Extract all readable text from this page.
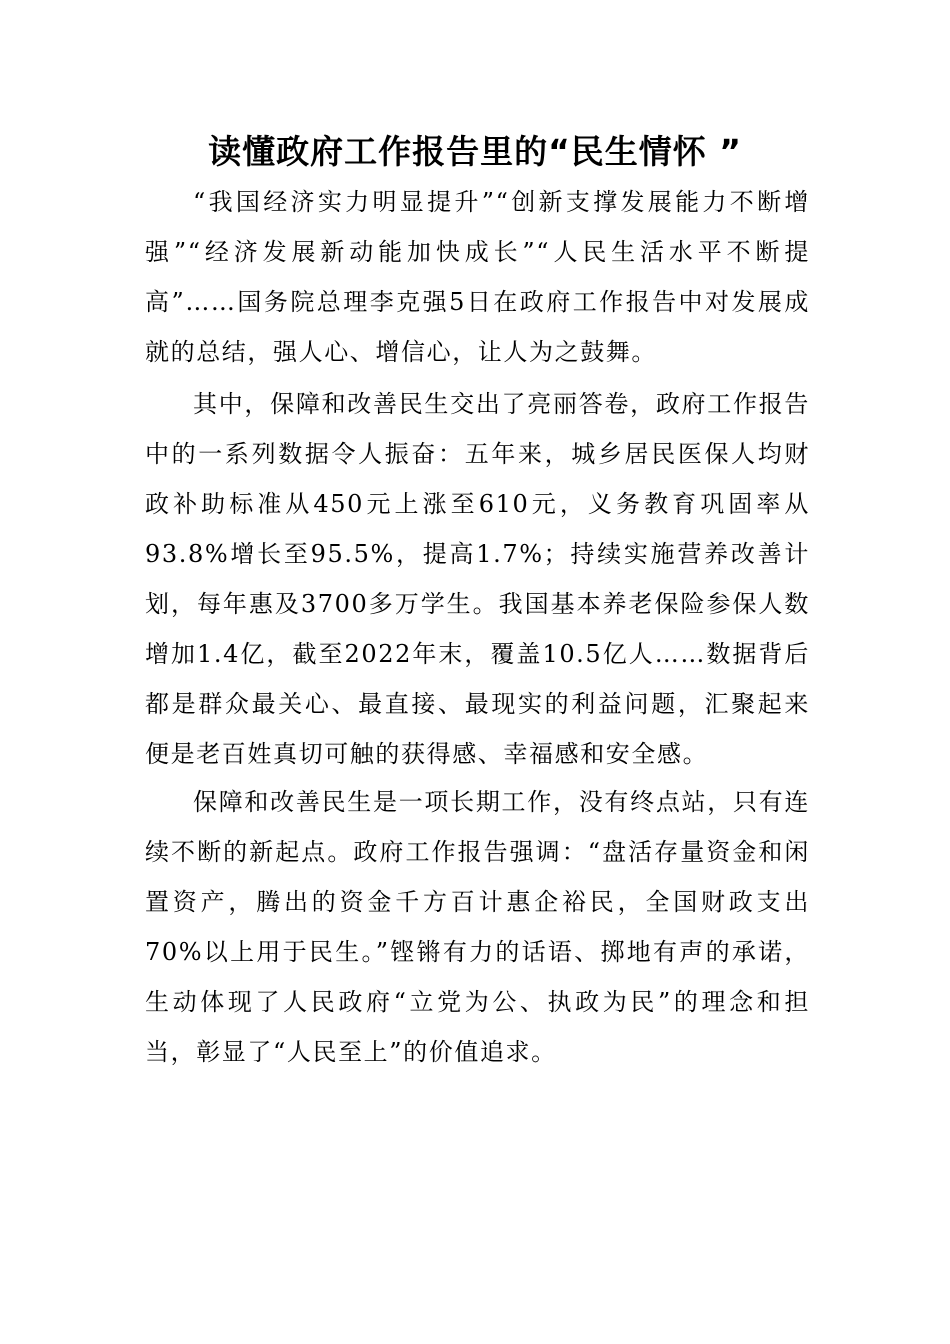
读懂政府工作报告里的“民生情怀 ”

“我国经济实力明显提升”“创新支撑发展能力不断增强”“经济发展新动能加快成长”“人民生活水平不断提高”……国务院总理李克强5日在政府工作报告中对发展成就的总结，强人心、增信心，让人为之鼓舞。

其中，保障和改善民生交出了亮丽答卷，政府工作报告中的一系列数据令人振奋：五年来，城乡居民医保人均财政补助标准从450元上涨至610元，义务教育巩固率从93.8%增长至95.5%，提高1.7%；持续实施营养改善计划，每年惠及3700多万学生。我国基本养老保险参保人数增加1.4亿，截至2022年末，覆盖10.5亿人……数据背后都是群众最关心、最直接、最现实的利益问题，汇聚起来便是老百姓真切可触的获得感、幸福感和安全感。

保障和改善民生是一项长期工作，没有终点站，只有连续不断的新起点。政府工作报告强调：“盘活存量资金和闲置资产，腾出的资金千方百计惠企裕民，全国财政支出70%以上用于民生。”铿锵有力的话语、掷地有声的承诺，生动体现了人民政府“立党为公、执政为民”的理念和担当，彰显了“人民至上”的价值追求。
